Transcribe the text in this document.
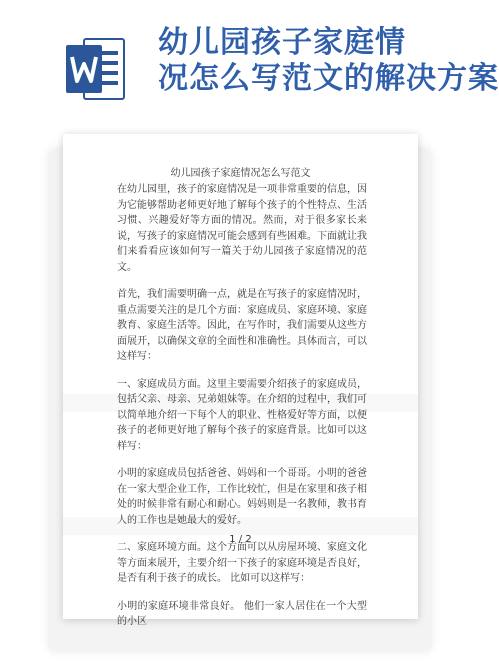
幼儿园孩子家庭情
况怎么写范文的解决方案

幼儿园孩子家庭情况怎么写范文

在幼儿园里，孩子的家庭情况是一项非常重要的信息，因为它能够帮助老师更好地了解每个孩子的个性特点、生活习惯、兴趣爱好等方面的情况。然而，对于很多家长来说，写孩子的家庭情况可能会感到有些困难。下面就让我们来看看应该如何写一篇关于幼儿园孩子家庭情况的范文。

首先，我们需要明确一点，就是在写孩子的家庭情况时，重点需要关注的是几个方面：家庭成员、家庭环境、家庭教育、家庭生活等。因此，在写作时，我们需要从这些方面展开，以确保文章的全面性和准确性。具体而言，可以这样写：

一、家庭成员方面。这里主要需要介绍孩子的家庭成员，包括父亲、母亲、兄弟姐妹等。在介绍的过程中，我们可以简单地介绍一下每个人的职业、性格爱好等方面，以便孩子的老师更好地了解每个孩子的家庭背景。比如可以这样写：

小明的家庭成员包括爸爸、妈妈和一个哥哥。小明的爸爸在一家大型企业工作，工作比较忙，但是在家里和孩子相处的时候非常有耐心和耐心。妈妈则是一名教师，教书育人的工作也是她最大的爱好。

二、家庭环境方面。这个方面可以从房屋环境、家庭文化等方面来展开，主要介绍一下孩子的家庭环境是否良好，是否有利于孩子的成长。 比如可以这样写：

小明的家庭环境非常良好。 他们一家人居住在一个大型的小区

1 / 2
